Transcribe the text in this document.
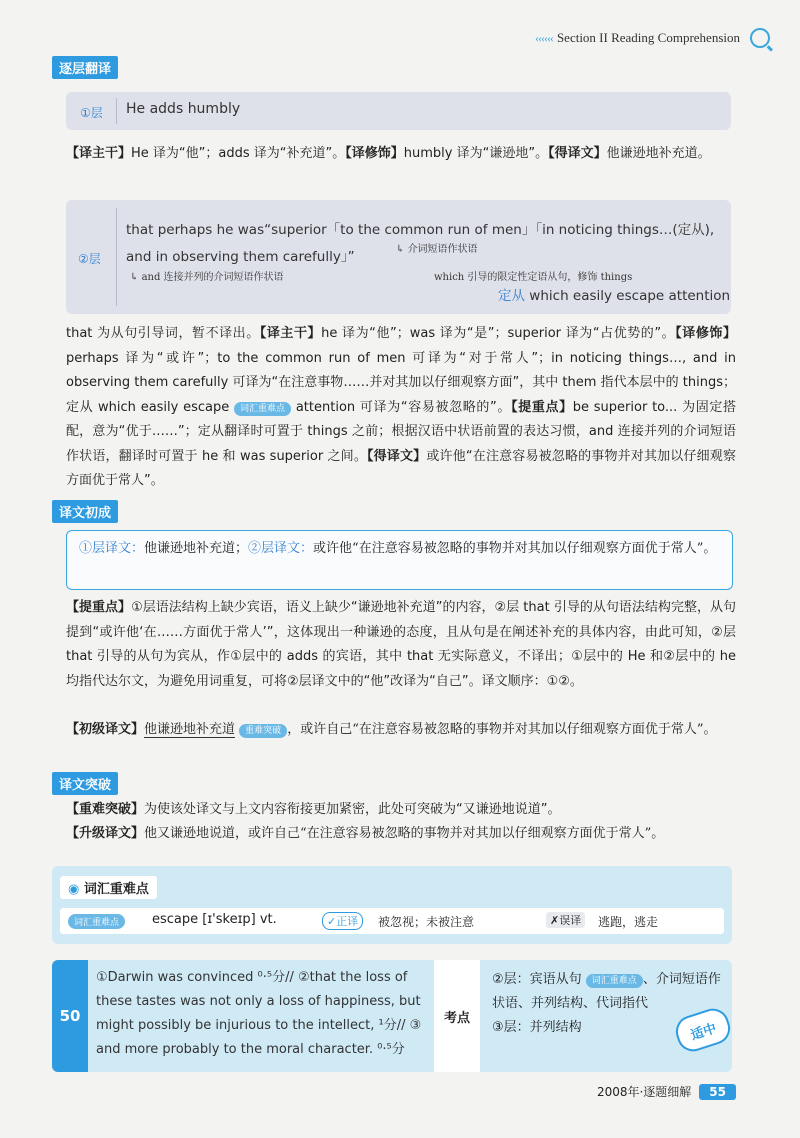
‹‹‹‹‹‹ Section II Reading Comprehension
逐层翻译
①层 He adds humbly
【译主干】He 译为“他”；adds 译为“补充道”。【译修饰】humbly 译为“谦逊地”。【得译文】他谦逊地补充道。
②层
that perhaps he was“superior「to the common run of men」「in noticing things…(定从),
↳ 介词短语作状语
and in observing them carefully」”
↳ and 连接并列的介词短语作状语	which 引导的限定性定语从句，修饰 things
定从 which easily escape attention
that 为从句引导词，暂不译出。【译主干】he 译为“他”；was 译为“是”；superior 译为“占优势的”。【译修饰】perhaps 译为“或许”；to the common run of men 可译为“对于常人”；in noticing things…, and in observing them carefully 可译为“在注意事物……并对其加以仔细观察方面”，其中 them 指代本层中的 things；定从 which easily escape 词汇重难点 attention 可译为“容易被忽略的”。【提重点】be superior to... 为固定搭配，意为“优于……”；定从翻译时可置于 things 之前；根据汉语中状语前置的表达习惯，and 连接并列的介词短语作状语，翻译时可置于 he 和 was superior 之间。【得译文】或许他“在注意容易被忽略的事物并对其加以仔细观察方面优于常人”。
译文初成
①层译文：他谦逊地补充道；②层译文：或许他“在注意容易被忽略的事物并对其加以仔细观察方面优于常人”。
【提重点】①层语法结构上缺少宾语，语义上缺少“谦逊地补充道”的内容，②层 that 引导的从句语法结构完整，从句提到“或许他‘在……方面优于常人’”，这体现出一种谦逊的态度，且从句是在阐述补充的具体内容，由此可知，②层 that 引导的从句为宾从，作①层中的 adds 的宾语，其中 that 无实际意义，不译出；①层中的 He 和②层中的 he 均指代达尔文，为避免用词重复，可将②层译文中的“他”改译为“自己”。译文顺序：①②。
【初级译文】他谦逊地补充道 重难突破 ，或许自己“在注意容易被忽略的事物并对其加以仔细观察方面优于常人”。
译文突破
【重难突破】为使该处译文与上文内容衔接更加紧密，此处可突破为“又谦逊地说道”。
【升级译文】他又谦逊地说道，或许自己“在注意容易被忽略的事物并对其加以仔细观察方面优于常人”。
◉ 词汇重难点
词汇重难点	escape [ɪ'skeɪp] vt.	✓正译	被忽视；未被注意	✗误译	逃跑，逃走
50
①Darwin was convinced ⁰·⁵分// ②that the loss of these tastes was not only a loss of happiness, but might possibly be injurious to the intellect, ¹分// ③ and more probably to the moral character. ⁰·⁵分
考点
②层：宾语从句 词汇重难点 、介词短语作状语、并列结构、代词指代
③层：并列结构	适中
2008年·逐题细解	55
